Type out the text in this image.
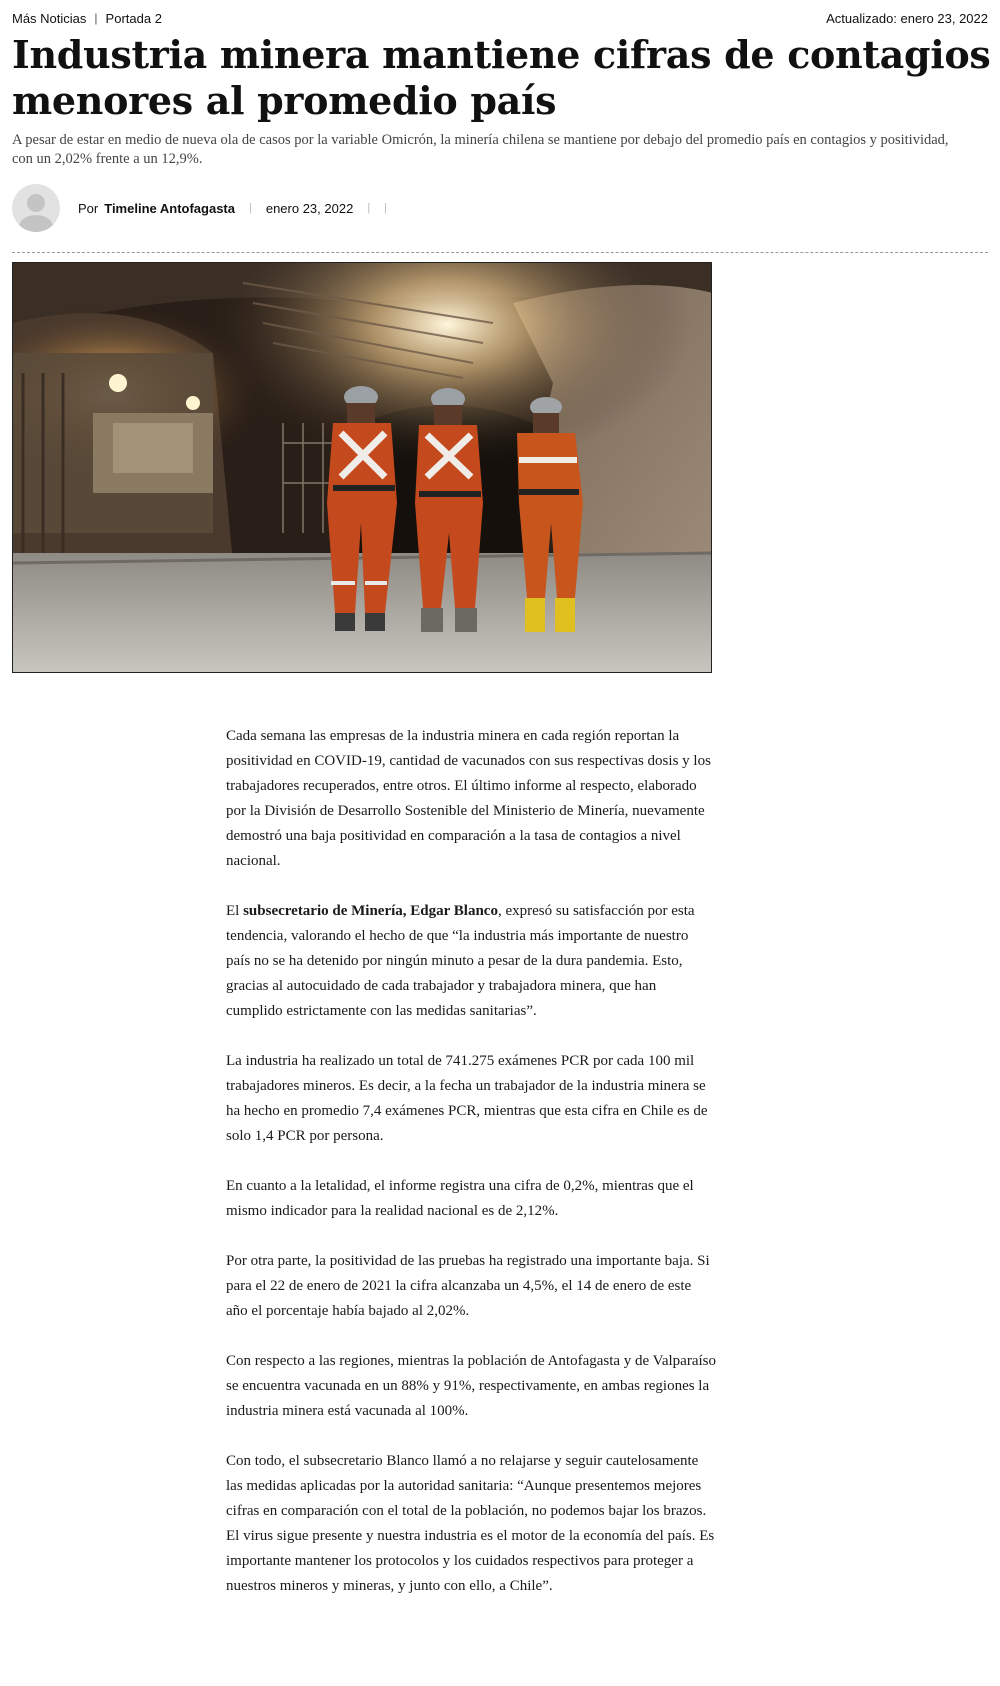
Más Noticias | Portada 2	Actualizado: enero 23, 2022
Industria minera mantiene cifras de contagios menores al promedio país

A pesar de estar en medio de nueva ola de casos por la variable Omicrón, la minería chilena se mantiene por debajo del promedio país en contagios y positividad, con un 2,02% frente a un 12,9%.

Por Timeline Antofagasta | enero 23, 2022 | |

Cada semana las empresas de la industria minera en cada región reportan la positividad en COVID-19, cantidad de vacunados con sus respectivas dosis y los trabajadores recuperados, entre otros. El último informe al respecto, elaborado por la División de Desarrollo Sostenible del Ministerio de Minería, nuevamente demostró una baja positividad en comparación a la tasa de contagios a nivel nacional.

El subsecretario de Minería, Edgar Blanco, expresó su satisfacción por esta tendencia, valorando el hecho de que “la industria más importante de nuestro país no se ha detenido por ningún minuto a pesar de la dura pandemia. Esto, gracias al autocuidado de cada trabajador y trabajadora minera, que han cumplido estrictamente con las medidas sanitarias”.

La industria ha realizado un total de 741.275 exámenes PCR por cada 100 mil trabajadores mineros. Es decir, a la fecha un trabajador de la industria minera se ha hecho en promedio 7,4 exámenes PCR, mientras que esta cifra en Chile es de solo 1,4 PCR por persona.

En cuanto a la letalidad, el informe registra una cifra de 0,2%, mientras que el mismo indicador para la realidad nacional es de 2,12%.

Por otra parte, la positividad de las pruebas ha registrado una importante baja. Si para el 22 de enero de 2021 la cifra alcanzaba un 4,5%, el 14 de enero de este año el porcentaje había bajado al 2,02%.

Con respecto a las regiones, mientras la población de Antofagasta y de Valparaíso se encuentra vacunada en un 88% y 91%, respectivamente, en ambas regiones la industria minera está vacunada al 100%.

Con todo, el subsecretario Blanco llamó a no relajarse y seguir cautelosamente las medidas aplicadas por la autoridad sanitaria: “Aunque presentemos mejores cifras en comparación con el total de la población, no podemos bajar los brazos. El virus sigue presente y nuestra industria es el motor de la economía del país. Es importante mantener los protocolos y los cuidados respectivos para proteger a nuestros mineros y mineras, y junto con ello, a Chile”.
